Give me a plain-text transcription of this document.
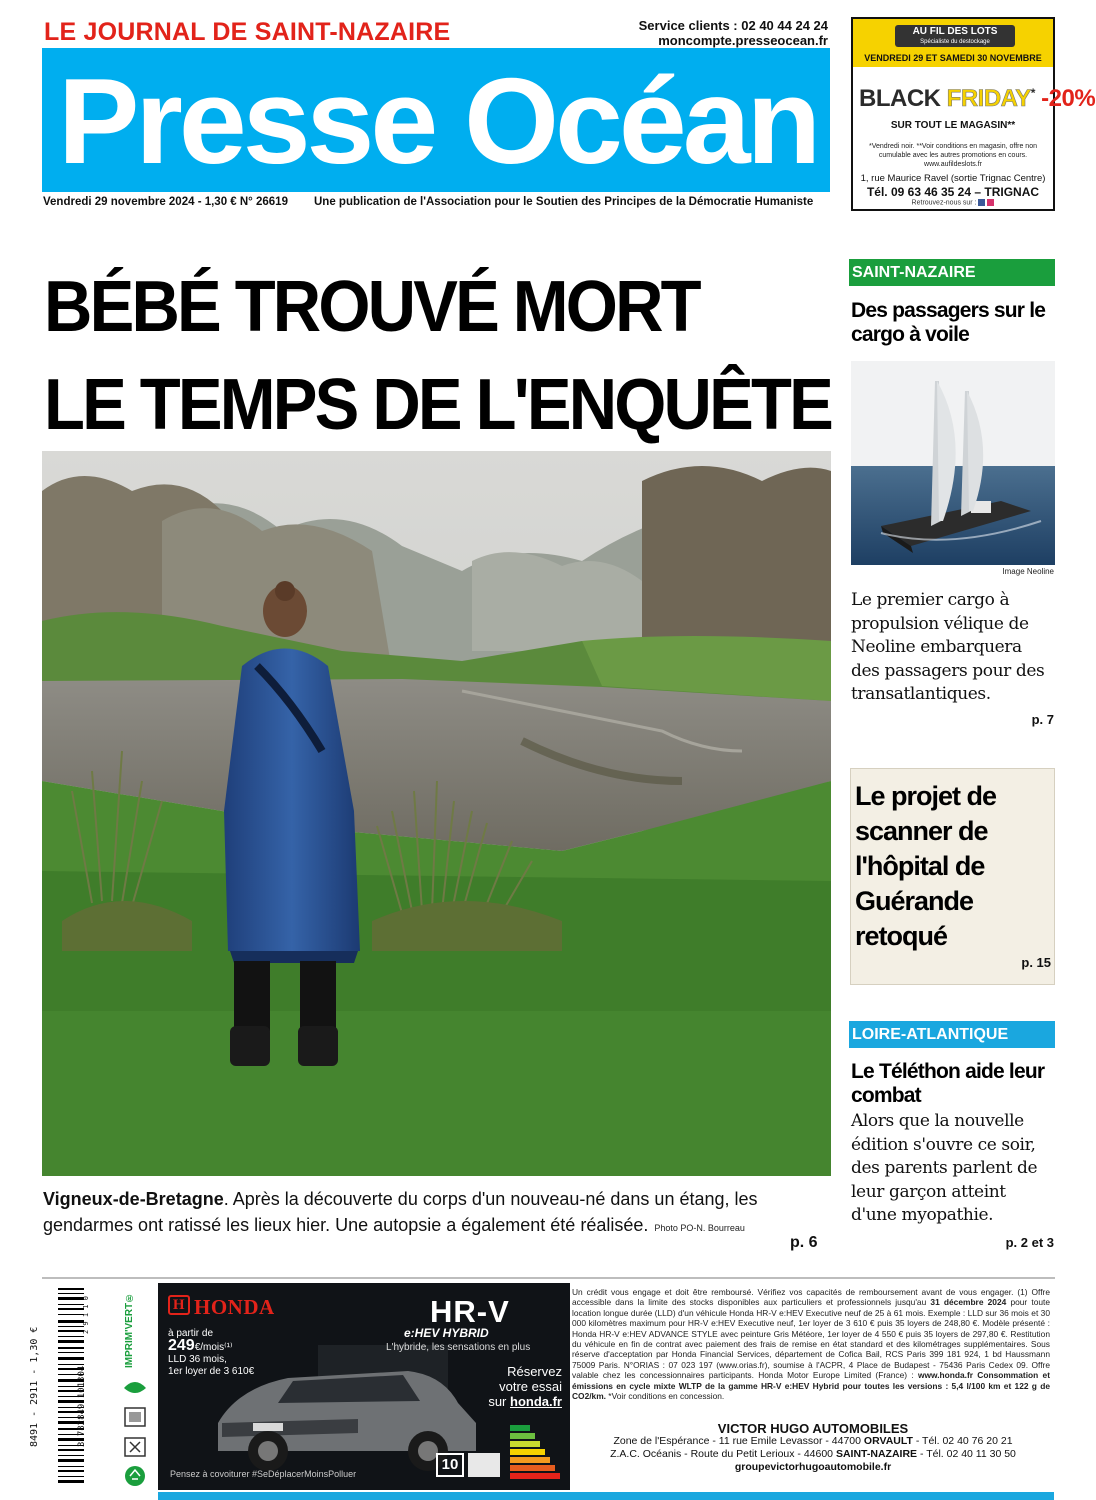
LE JOURNAL DE SAINT-NAZAIRE	Service clients : 02 40 44 24 24
moncompte.presseocean.fr
Presse Océan
Vendredi 29 novembre 2024 - 1,30 € N° 26619 Une publication de l'Association pour le Soutien des Principes de la Démocratie Humaniste
AU FIL DES LOTS
Spécialiste du destockage
VENDREDI 29 ET SAMEDI 30 NOVEMBRE
BLACK FRIDAY* -20%
SUR TOUT LE MAGASIN**
*Vendredi noir. **Voir conditions en magasin, offre non cumulable avec les autres promotions en cours.
www.aufildeslots.fr
1, rue Maurice Ravel (sortie Trignac Centre)
Tél. 09 63 46 35 24 – TRIGNAC
Retrouvez-nous sur :
BÉBÉ TROUVÉ MORT
LE TEMPS DE L'ENQUÊTE
Vigneux-de-Bretagne. Après la découverte du corps d'un nouveau-né dans un étang, les gendarmes ont ratissé les lieux hier. Une autopsie a également été réalisée. Photo PO-N. Bourreau
p. 6
SAINT-NAZAIRE
Des passagers sur le cargo à voile
Image Neoline
Le premier cargo à propulsion vélique de Neoline embarquera des passagers pour des transatlantiques.
p. 7
Le projet de scanner de l'hôpital de Guérande retoqué
p. 15
LOIRE-ATLANTIQUE
Le Téléthon aide leur combat
Alors que la nouvelle édition s'ouvre ce soir, des parents parlent de leur garçon atteint d'une myopathie.
p. 2 et 3
8491 - 2911 - 1,30 €	3 782849 101304
2 9 1 1 0	IMPRIM'VERT®	H HONDA	HR-V
e:HEV HYBRID
L'hybride, les sensations en plus
à partir de
249€/mois⁽¹⁾
LLD 36 mois,
1er loyer de 3 610€	Réservez
votre essai
sur honda.fr
10
Pensez à covoiturer #SeDéplacerMoinsPolluer
Un crédit vous engage et doit être remboursé. Vérifiez vos capacités de remboursement avant de vous engager. (1) Offre accessible dans la limite des stocks disponibles aux particuliers et professionnels jusqu'au 31 décembre 2024 pour toute location longue durée (LLD) d'un véhicule Honda HR-V e:HEV Executive neuf de 25 à 61 mois. Exemple : LLD sur 36 mois et 30 000 kilomètres maximum pour HR-V e:HEV Executive neuf, 1er loyer de 3 610 € puis 35 loyers de 248,80 €. Modèle présenté : Honda HR-V e:HEV ADVANCE STYLE avec peinture Gris Météore, 1er loyer de 4 550 € puis 35 loyers de 297,80 €. Restitution du véhicule en fin de contrat avec paiement des frais de remise en état standard et des kilométrages supplémentaires. Sous réserve d'acceptation par Honda Financial Services, département de Cofica Bail, RCS Paris 399 181 924, 1 bd Haussmann 75009 Paris. N°ORIAS : 07 023 197 (www.orias.fr), soumise à l'ACPR, 4 Place de Budapest - 75436 Paris Cedex 09. Offre valable chez les concessionnaires participants. Honda Motor Europe Limited (France) : www.honda.fr Consommation et émissions en cycle mixte WLTP de la gamme HR-V e:HEV Hybrid pour toutes les versions : 5,4 l/100 km et 122 g de CO2/km. *Voir conditions en concession.
VICTOR HUGO AUTOMOBILES
Zone de l'Espérance - 11 rue Emile Levassor - 44700 ORVAULT - Tél. 02 40 76 20 21
Z.A.C. Océanis - Route du Petit Lerioux - 44600 SAINT-NAZAIRE - Tél. 02 40 11 30 50
groupevictorhugoautomobile.fr
